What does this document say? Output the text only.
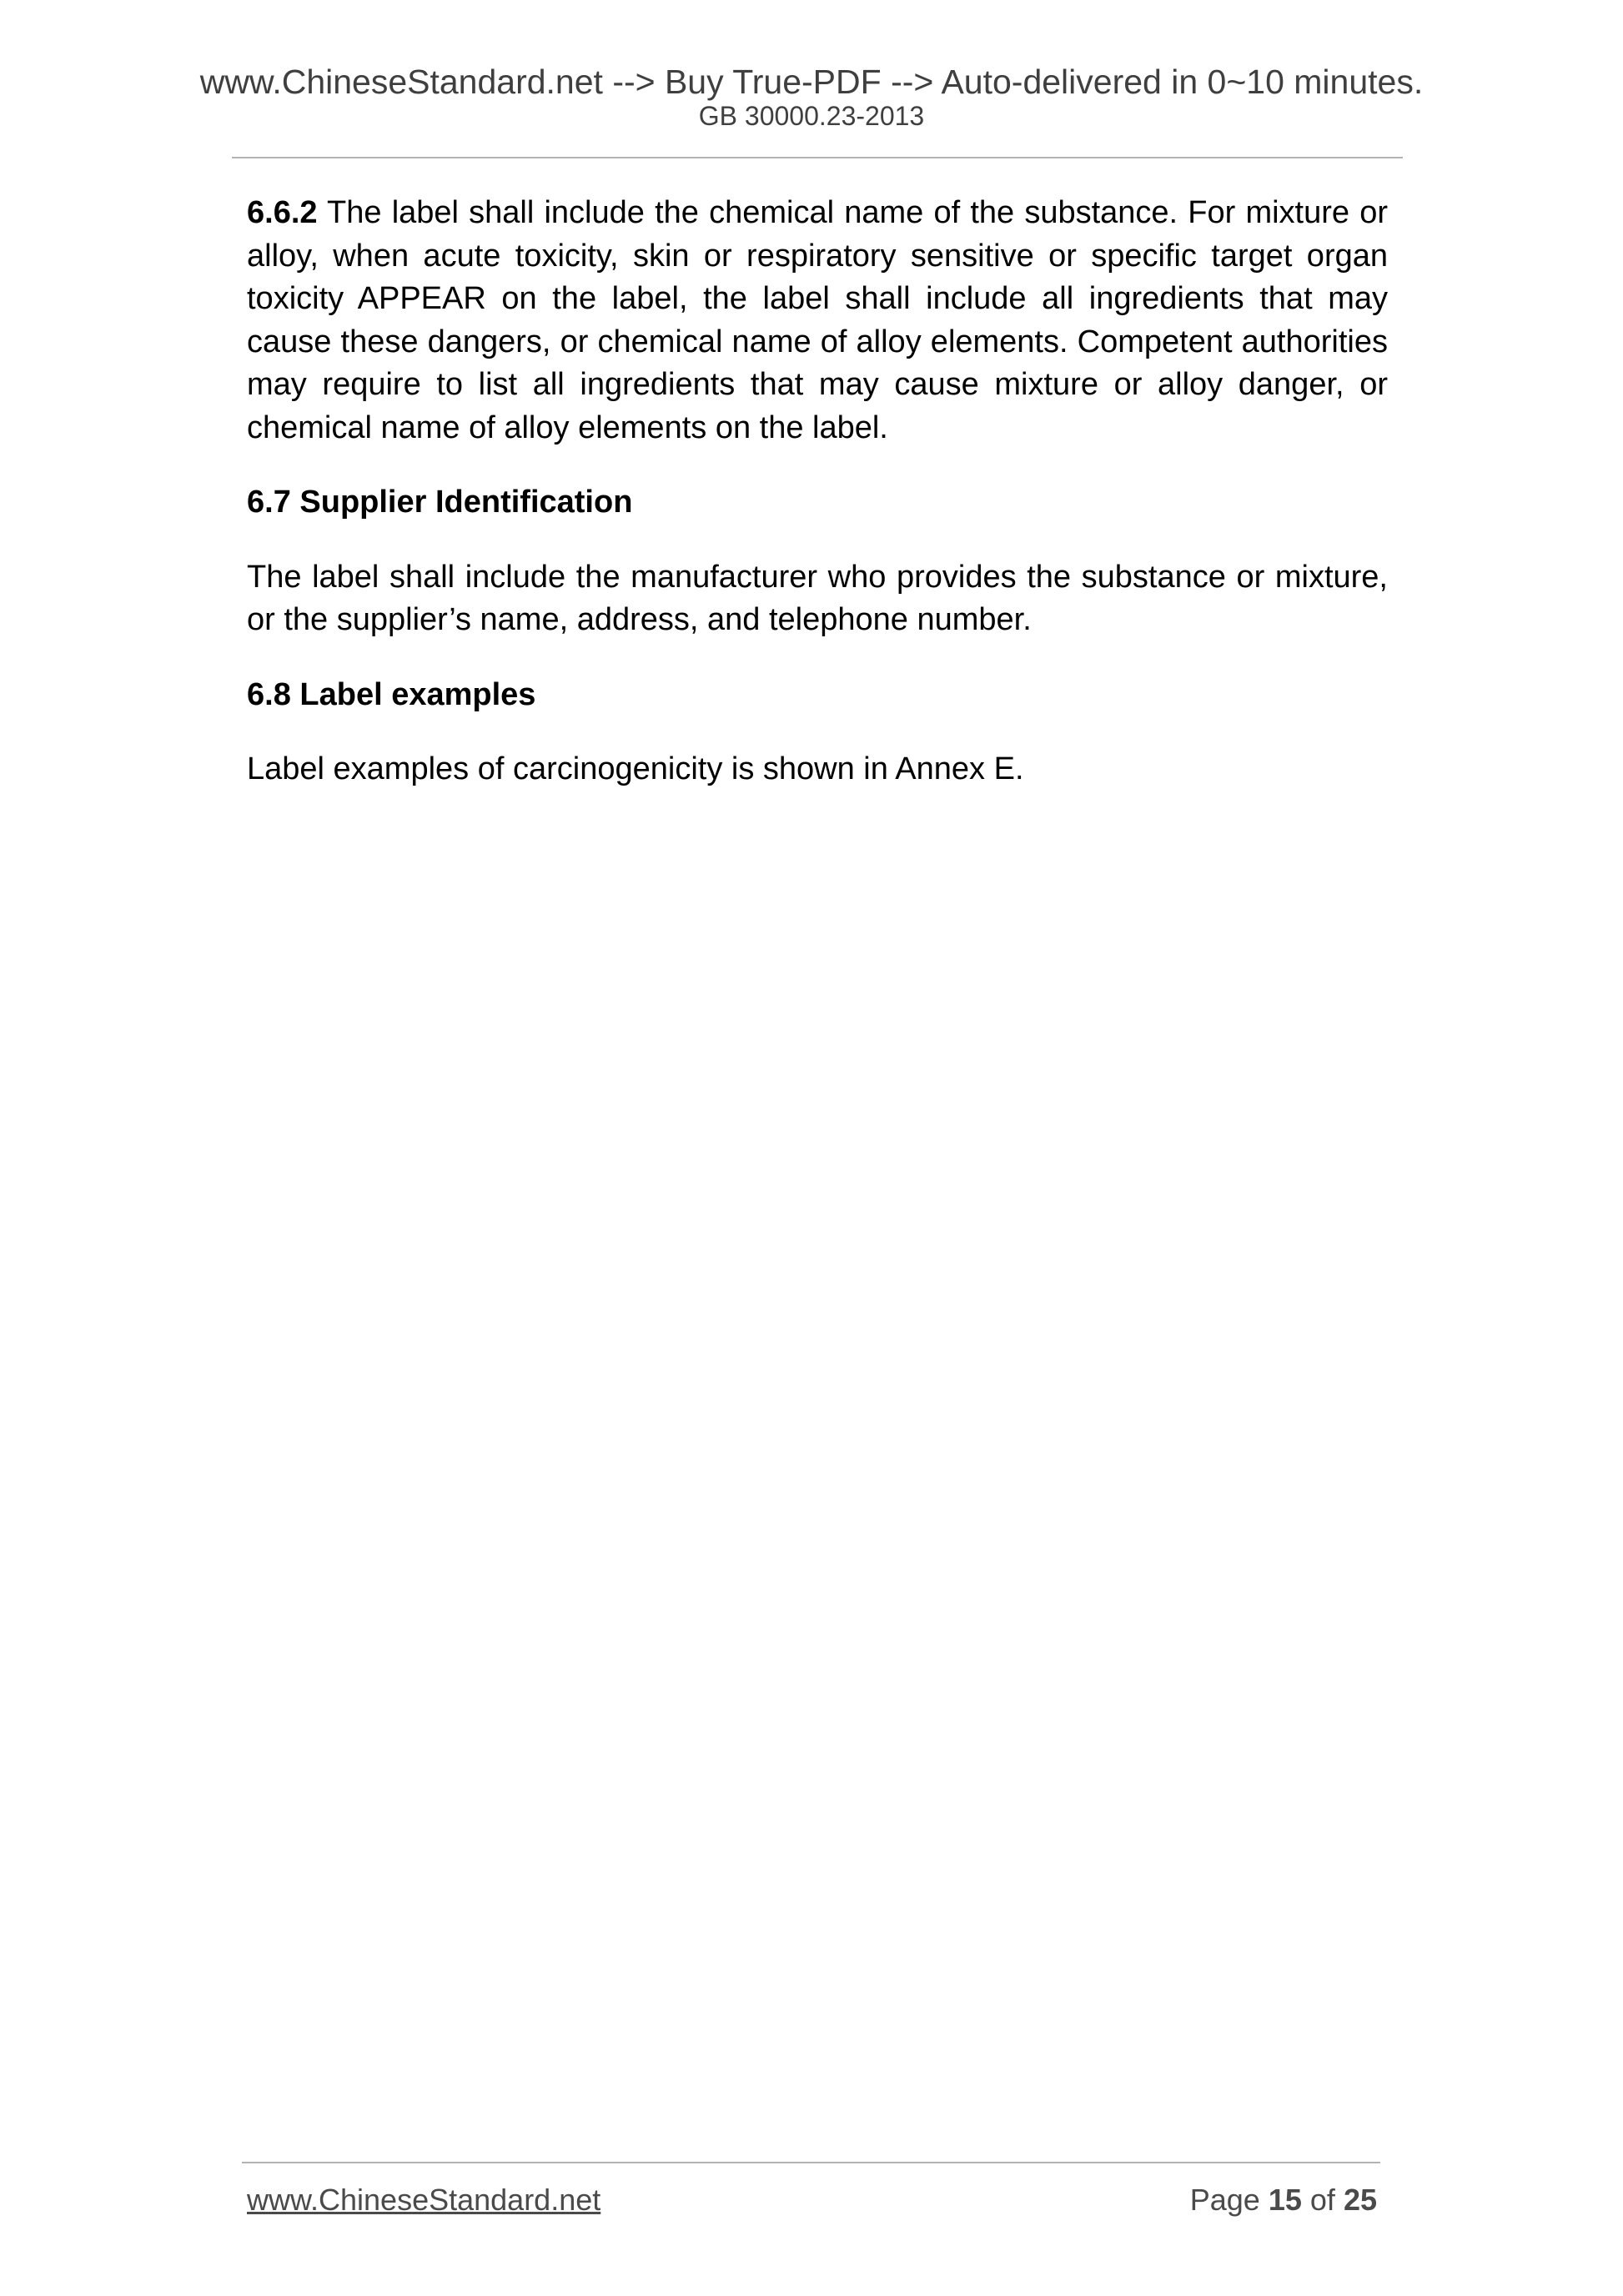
www.ChineseStandard.net --> Buy True-PDF --> Auto-delivered in 0~10 minutes.
GB 30000.23-2013

6.6.2 The label shall include the chemical name of the substance. For mixture or alloy, when acute toxicity, skin or respiratory sensitive or specific target organ toxicity APPEAR on the label, the label shall include all ingredients that may cause these dangers, or chemical name of alloy elements. Competent authorities may require to list all ingredients that may cause mixture or alloy danger, or chemical name of alloy elements on the label.

6.7 Supplier Identification

The label shall include the manufacturer who provides the substance or mixture, or the supplier’s name, address, and telephone number.

6.8 Label examples

Label examples of carcinogenicity is shown in Annex E.

www.ChineseStandard.net	Page 15 of 25
